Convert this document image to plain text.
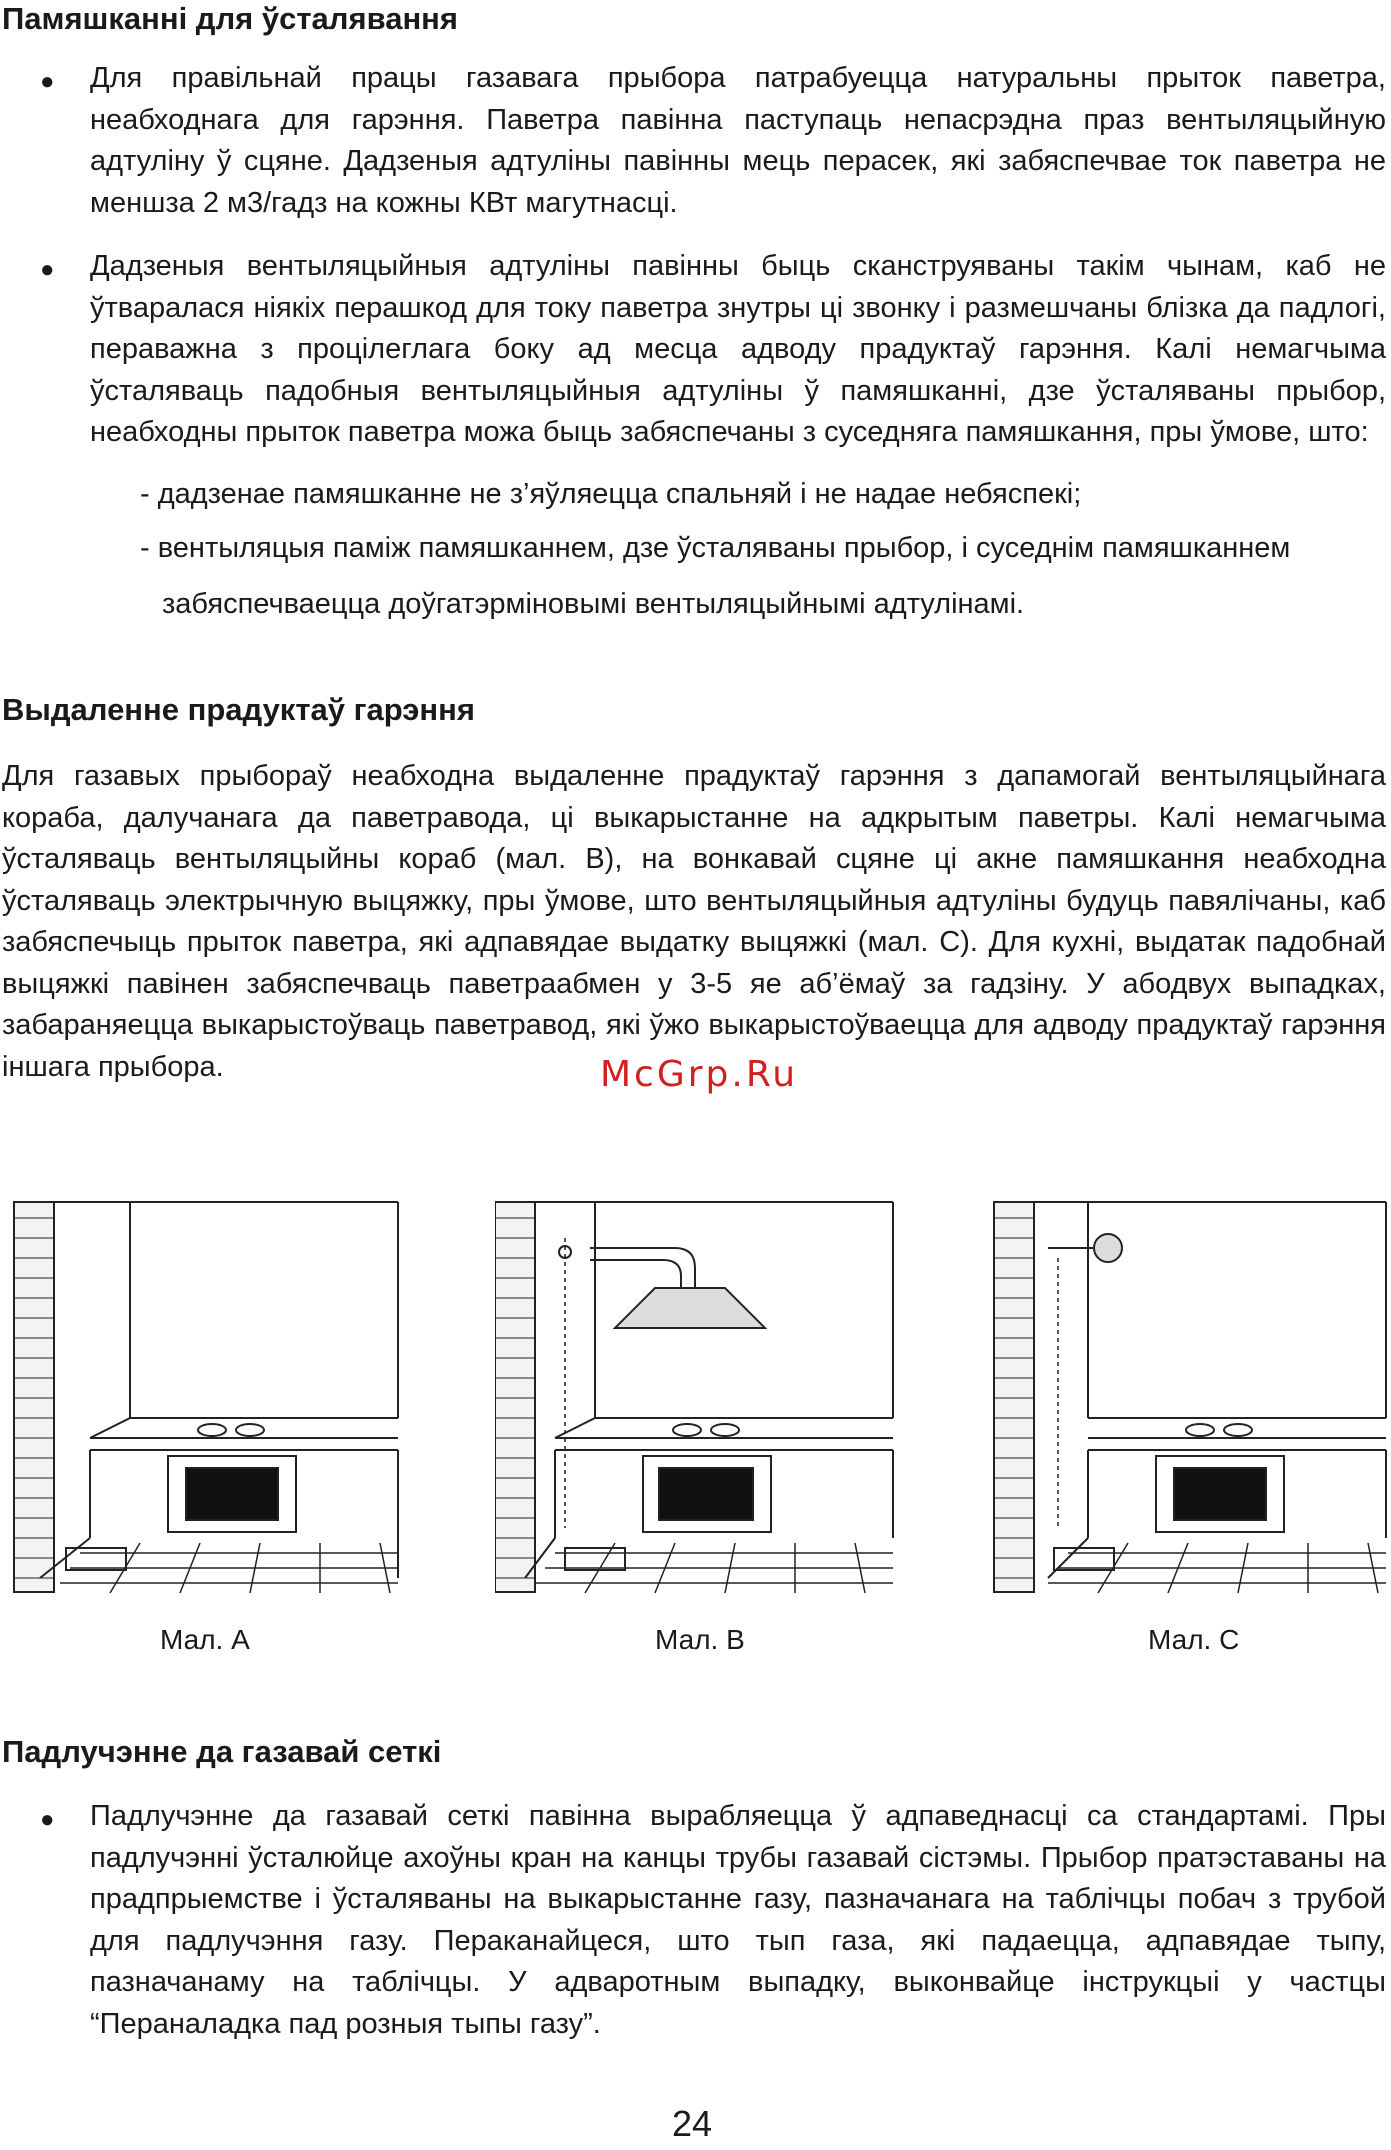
Памяшканні для ўсталявання
● Для правільнай працы газавага прыбора патрабуецца натуральны прыток паветра, неабходнага для гарэння. Паветра павінна паступаць непасрэдна праз вентыляцыйную адтуліну ў сцяне. Дадзеныя адтуліны павінны мець перасек, які забяспечвае ток паветра не меншза 2 м3/гадз на кожны КВт магутнасці.

● Дадзеныя вентыляцыйныя адтуліны павінны быць сканструяваны такім чынам, каб не ўтваралася ніякіх перашкод для току паветра знутры ці звонку і размешчаны блізка да падлогі, пераважна з процілеглага боку ад месца адводу прадуктаў гарэння. Калі немагчыма ўсталяваць падобныя вентыляцыйныя адтуліны ў памяшканні, дзе ўсталяваны прыбор, неабходны прыток паветра можа быць забяспечаны з суседняга памяшкання, пры ўмове, што:

- дадзенае памяшканне не з’яўляецца спальняй і не надае небяспекі;
- вентыляцыя паміж памяшканнем, дзе ўсталяваны прыбор, і суседнім памяшканнем
забяспечваецца доўгатэрміновымі вентыляцыйнымі адтулінамі.
Выдаленне прадуктаў гарэння

Для газавых прыбораў неабходна выдаленне прадуктаў гарэння з дапамогай вентыляцыйнага кораба, далучанага да паветравода, ці выкарыстанне на адкрытым паветры. Калі немагчыма ўсталяваць вентыляцыйны кораб (мал. В), на вонкавай сцяне ці акне памяшкання неабходна ўсталяваць электрычную выцяжку, пры ўмове, што вентыляцыйныя адтуліны будуць павялічаны, каб забяспечыць прыток паветра, які адпавядае выдатку выцяжкі (мал. С). Для кухні, выдатак падобнай выцяжкі павінен забяспечваць паветраабмен у 3-5 яе аб’ёмаў за гадзіну. У абодвух выпадках, забараняецца выкарыстоўваць паветравод, які ўжо выкарыстоўваецца для адводу прадуктаў гарэння іншага прыбора.	McGrp.Ru
Мал. A	Мал. B	Мал. C
Падлучэнне да газавай сеткі
● Падлучэнне да газавай сеткі павінна вырабляецца ў адпаведнасці са стандартамі. Пры падлучэнні ўсталюйце ахоўны кран на канцы трубы газавай сістэмы. Прыбор пратэставаны на прадпрыемстве і ўсталяваны на выкарыстанне газу, пазначанага на таблічцы побач з трубой для падлучэння газу. Пераканайцеся, што тып газа, які падаецца, адпавядае тыпу, пазначанаму на таблічцы. У адваротным выпадку, выконвайце інструкцыі у частцы “Пераналадка пад розныя тыпы газу”.

24
